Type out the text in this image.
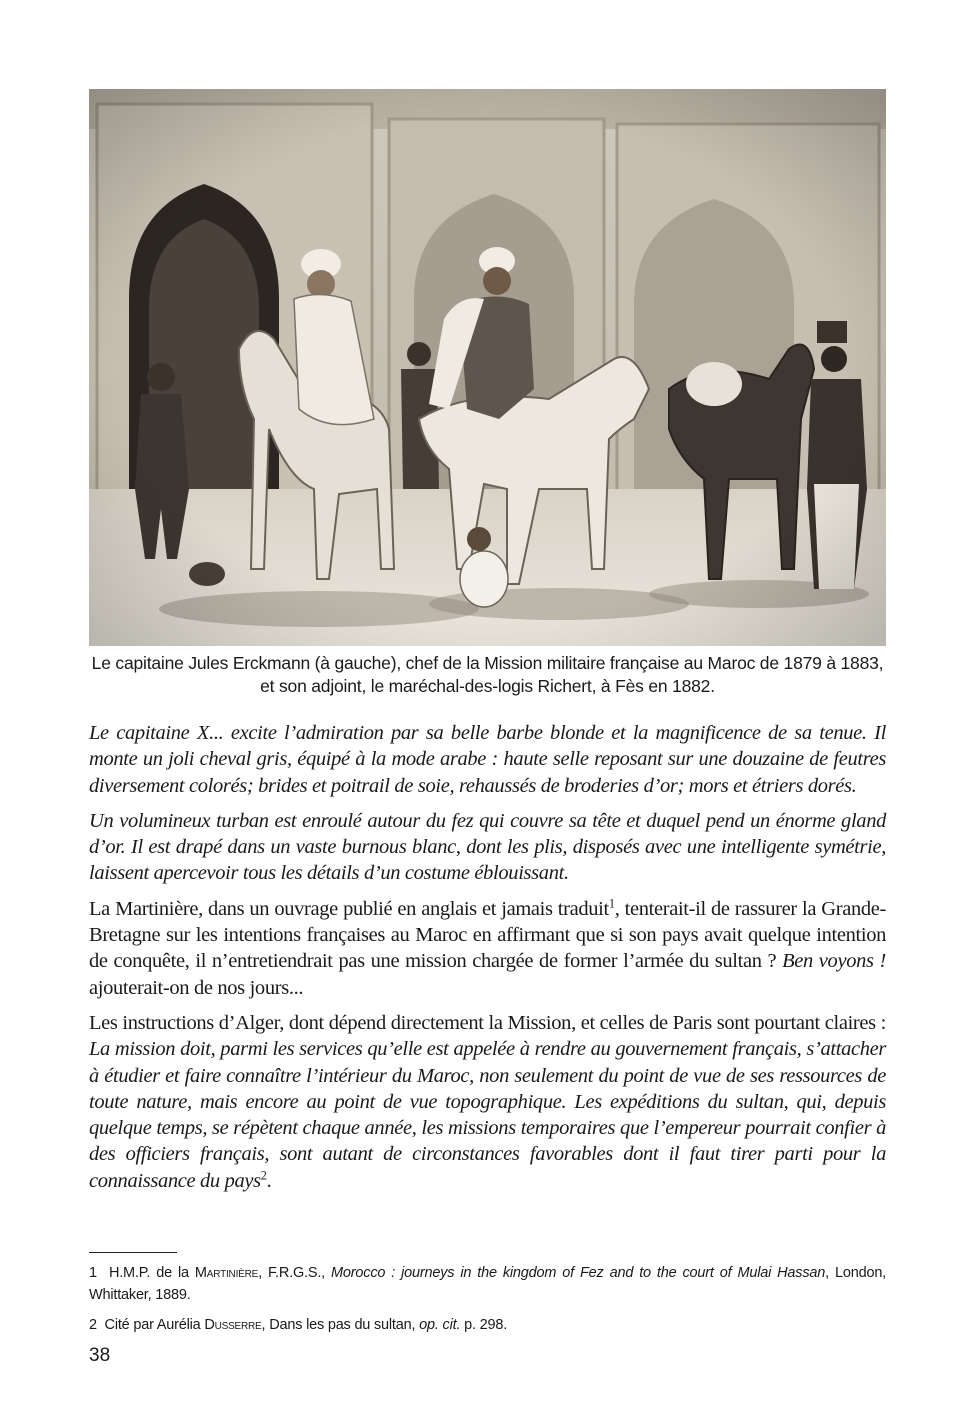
Le capitaine Jules Erckmann (à gauche), chef de la Mission militaire française au Maroc de 1879 à 1883,
et son adjoint, le maréchal-des-logis Richert, à Fès en 1882.

Le capitaine X... excite l’admiration par sa belle barbe blonde et la magnificence de sa tenue. Il monte un joli cheval gris, équipé à la mode arabe : haute selle reposant sur une douzaine de feutres diversement colorés; brides et poitrail de soie, rehaussés de broderies d’or; mors et étriers dorés.

Un volumineux turban est enroulé autour du fez qui couvre sa tête et duquel pend un énorme gland d’or. Il est drapé dans un vaste burnous blanc, dont les plis, disposés avec une intelligente symétrie, laissent apercevoir tous les détails d’un costume éblouissant.

La Martinière, dans un ouvrage publié en anglais et jamais traduit$^1$, tenterait-il de rassurer la Grande-Bretagne sur les intentions françaises au Maroc en affirmant que si son pays avait quelque intention de conquête, il n’entretiendrait pas une mission chargée de former l’armée du sultan ? Ben voyons ! ajouterait-on de nos jours...

Les instructions d’Alger, dont dépend directement la Mission, et celles de Paris sont pourtant claires : La mission doit, parmi les services qu’elle est appelée à rendre au gouvernement français, s’attacher à étudier et faire connaître l’intérieur du Maroc, non seulement du point de vue de ses ressources de toute nature, mais encore au point de vue topographique. Les expéditions du sultan, qui, depuis quelque temps, se répètent chaque année, les missions temporaires que l’empereur pourrait confier à des officiers français, sont autant de circonstances favorables dont il faut tirer parti pour la connaissance du pays$^2$.

1 H.M.P. de la Martinière, F.R.G.S., Morocco : journeys in the kingdom of Fez and to the court of Mulai Hassan, London, Whittaker, 1889.

2 Cité par Aurélia Dusserre, Dans les pas du sultan, op. cit. p. 298.

38
